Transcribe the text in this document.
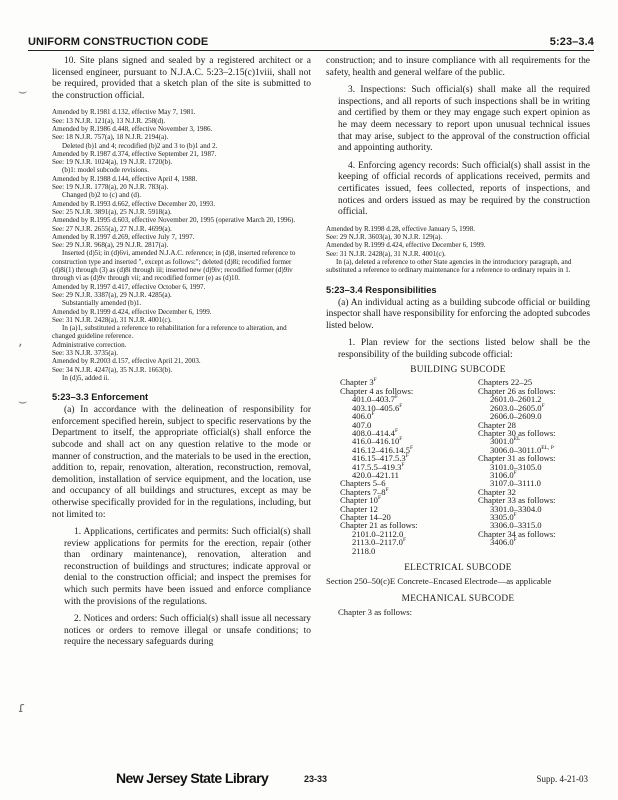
UNIFORM CONSTRUCTION CODE	5:23–3.4
⌣
ʼ
⌣
ɾ

10. Site plans signed and sealed by a registered architect or a licensed engineer, pursuant to N.J.A.C. 5:23–2.15(c)1viii, shall not be required, provided that a sketch plan of the site is submitted to the construction official.

Amended by R.1981 d.132, effective May 7, 1981.

See: 13 N.J.R. 121(a), 13 N.J.R. 258(d).

Amended by R.1986 d.448, effective November 3, 1986.

See: 18 N.J.R. 757(a), 18 N.J.R. 2194(a).

Deleted (b)1 and 4; recodified (b)2 and 3 to (b)1 and 2.

Amended by R.1987 d.374, effective September 21, 1987.

See: 19 N.J.R. 1024(a), 19 N.J.R. 1720(b).

(b)1: model subcode revisions.

Amended by R.1988 d.144, effective April 4, 1988.

See: 19 N.J.R. 1778(a), 20 N.J.R. 783(a).

Changed (b)2 to (c) and (d).

Amended by R.1993 d.662, effective December 20, 1993.

See: 25 N.J.R. 3891(a), 25 N.J.R. 5918(a).

Amended by R.1995 d.603, effective November 20, 1995 (operative March 20, 1996).

See: 27 N.J.R. 2655(a), 27 N.J.R. 4699(a).

Amended by R.1997 d.269, effective July 7, 1997.

See: 29 N.J.R. 968(a), 29 N.J.R. 2817(a).

Inserted (d)5i; in (d)6vi, amended N.J.A.C. reference; in (d)8, inserted reference to construction type and inserted ", except as follows:"; deleted (d)8i; recodified former (d)8i(1) through (3) as (d)8i through iii; inserted new (d)9iv; recodified former (d)9iv through vi as (d)9v through vii; and recodified former (e) as (d)10.

Amended by R.1997 d.417, effective October 6, 1997.

See: 29 N.J.R. 3387(a), 29 N.J.R. 4285(a).

Substantially amended (b)1.

Amended by R.1999 d.424, effective December 6, 1999.

See: 31 N.J.R. 2428(a), 31 N.J.R. 4001(c).

In (a)1, substituted a reference to rehabilitation for a reference to alteration, and changed guideline reference.

Administrative correction.

See: 33 N.J.R. 3735(a).

Amended by R.2003 d.157, effective April 21, 2003.

See: 34 N.J.R. 4247(a), 35 N.J.R. 1663(b).

In (d)5, added ii.

5:23–3.3 Enforcement

(a) In accordance with the delineation of responsibility for enforcement specified herein, subject to specific reservations by the Department to itself, the appropriate official(s) shall enforce the subcode and shall act on any question relative to the mode or manner of construction, and the materials to be used in the erection, addition to, repair, renovation, alteration, reconstruction, removal, demolition, installation of service equipment, and the location, use and occupancy of all buildings and structures, except as may be otherwise specifically provided for in the regulations, including, but not limited to:

1. Applications, certificates and permits: Such official(s) shall review applications for permits for the erection, repair (other than ordinary maintenance), renovation, alteration and reconstruction of buildings and structures; indicate approval or denial to the construction official; and inspect the premises for which such permits have been issued and enforce compliance with the provisions of the regulations.

2. Notices and orders: Such official(s) shall issue all necessary notices or orders to remove illegal or unsafe conditions; to require the necessary safeguards during

construction; and to insure compliance with all requirements for the safety, health and general welfare of the public.

3. Inspections: Such official(s) shall make all the required inspections, and all reports of such inspections shall be in writing and certified by them or they may engage such expert opinion as he may deem necessary to report upon unusual technical issues that may arise, subject to the approval of the construction official and appointing authority.

4. Enforcing agency records: Such official(s) shall assist in the keeping of official records of applications received, permits and certificates issued, fees collected, reports of inspections, and notices and orders issued as may be required by the construction official.

Amended by R.1998 d.28, effective January 5, 1998.

See: 29 N.J.R. 3603(a), 30 N.J.R. 129(a).

Amended by R.1999 d.424, effective December 6, 1999.

See: 31 N.J.R. 2428(a), 31 N.J.R. 4001(c).

In (a), deleted a reference to other State agencies in the introductory paragraph, and substituted a reference to ordinary maintenance for a reference to ordinary repairs in 1.

5:23–3.4 Responsibilities

(a) An individual acting as a building subcode official or building inspector shall have responsibility for enforcing the adopted subcodes listed below.

1. Plan review for the sections listed below shall be the responsibility of the building subcode official:

BUILDING SUBCODE
Chapter $3^F$	Chapters 22–25
Chapter 4 as follows:	Chapter 26 as follows:
$401.0-403.7^F$	2601.0–2601.2
$403.10-405.6^F$	$2603.0-2605.0^F$
$406.0^F$	2606.0–2609.0
407.0	Chapter 28
$408.0-414.4^F$	Chapter 30 as follows:
$416.0-416.10^F$	$3001.0^{EL}$
$416.12-416.14.5^F$	$3006.0-3011.0^{EL, P}$
$416.15-417.5.3^F$	Chapter 31 as follows:
$417.5.5-419.3^F$	3101.0–3105.0
420.0–421.11	$3106.0^F$
Chapters 5–6	3107.0–3111.0
Chapters $7-8^F$	Chapter 32
Chapter $10^F$	Chapter 33 as follows:
Chapter 12	3301.0–3304.0
Chapter 14–20	$3305.0^F$
Chapter 21 as follows:	3306.0–3315.0
2101.0–2112.0	Chapter 34 as follows:
$2113.0-2117.0^F$	$3406.0^F$
2118.0	
ELECTRICAL SUBCODE

Section 250–50(c)E Concrete–Encased Electrode—as applicable

MECHANICAL SUBCODE

Chapter 3 as follows:

New Jersey State Library	23-33	Supp. 4-21-03
